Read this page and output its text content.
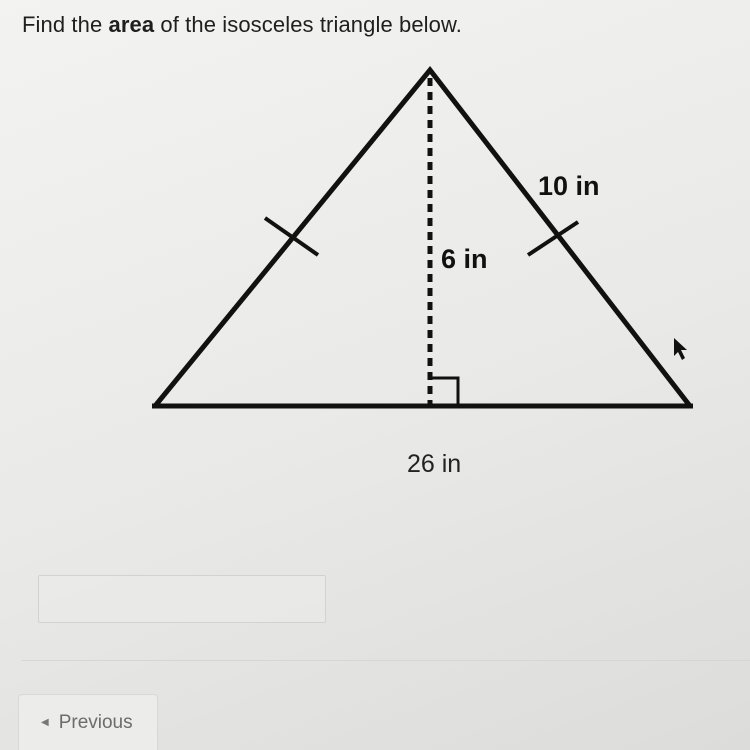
Find the area of the isosceles triangle below.
10 in
6 in
26 in
◀ Previous
